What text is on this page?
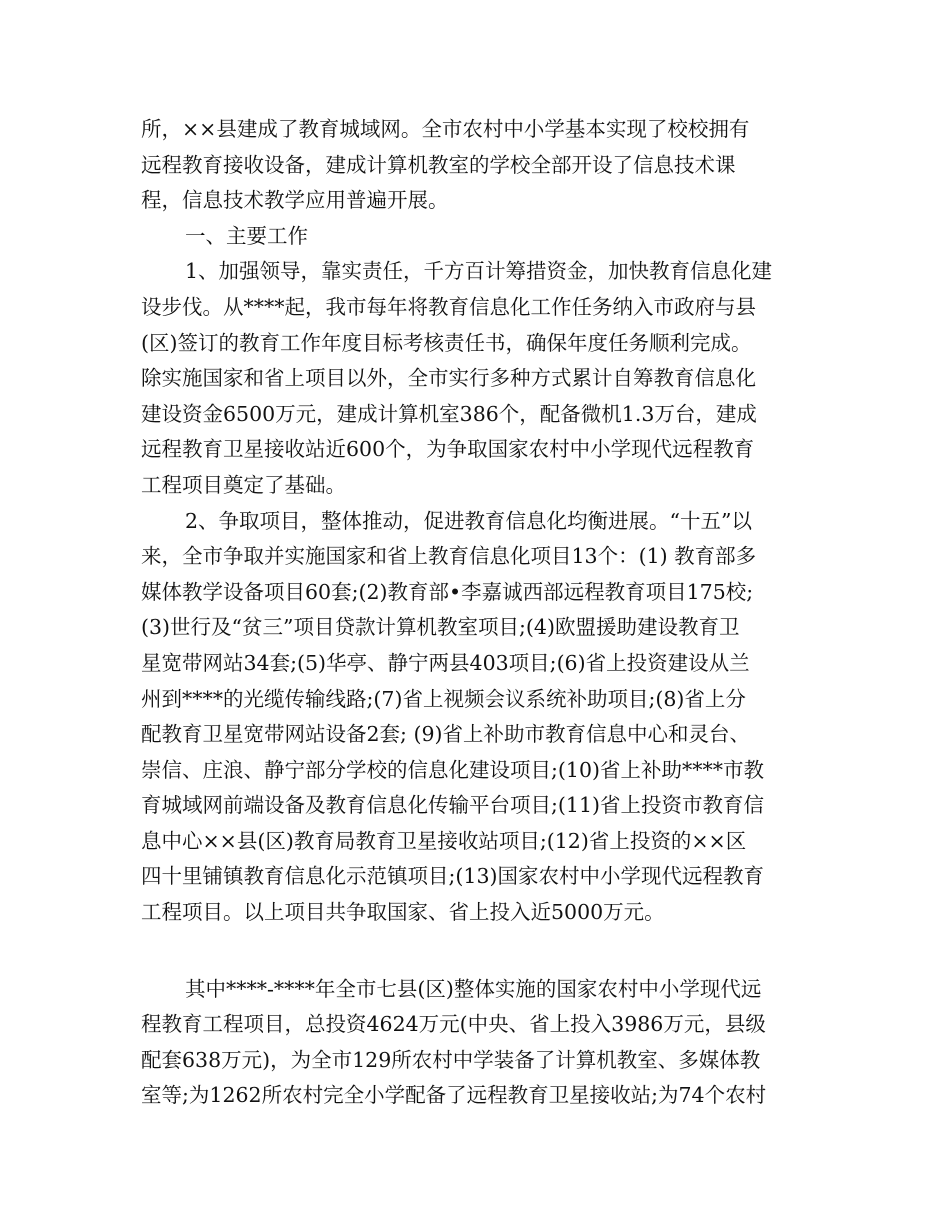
所，××县建成了教育城域网。全市农村中小学基本实现了校校拥有
远程教育接收设备，建成计算机教室的学校全部开设了信息技术课
程，信息技术教学应用普遍开展。
一、主要工作
1、加强领导，靠实责任，千方百计筹措资金，加快教育信息化建
设步伐。从****起，我市每年将教育信息化工作任务纳入市政府与县
(区)签订的教育工作年度目标考核责任书，确保年度任务顺利完成。
除实施国家和省上项目以外，全市实行多种方式累计自筹教育信息化
建设资金6500万元，建成计算机室386个，配备微机1.3万台，建成
远程教育卫星接收站近600个，为争取国家农村中小学现代远程教育
工程项目奠定了基础。
2、争取项目，整体推动，促进教育信息化均衡进展。“十五”以
来，全市争取并实施国家和省上教育信息化项目13个：(1) 教育部多
媒体教学设备项目60套;(2)教育部•李嘉诚西部远程教育项目175校;
(3)世行及“贫三”项目贷款计算机教室项目;(4)欧盟援助建设教育卫
星宽带网站34套;(5)华亭、静宁两县403项目;(6)省上投资建设从兰
州到****的光缆传输线路;(7)省上视频会议系统补助项目;(8)省上分
配教育卫星宽带网站设备2套; (9)省上补助市教育信息中心和灵台、
崇信、庄浪、静宁部分学校的信息化建设项目;(10)省上补助****市教
育城域网前端设备及教育信息化传输平台项目;(11)省上投资市教育信
息中心××县(区)教育局教育卫星接收站项目;(12)省上投资的××区
四十里铺镇教育信息化示范镇项目;(13)国家农村中小学现代远程教育
工程项目。以上项目共争取国家、省上投入近5000万元。
其中****-****年全市七县(区)整体实施的国家农村中小学现代远
程教育工程项目，总投资4624万元(中央、省上投入3986万元，县级
配套638万元)，为全市129所农村中学装备了计算机教室、多媒体教
室等;为1262所农村完全小学配备了远程教育卫星接收站;为74个农村
